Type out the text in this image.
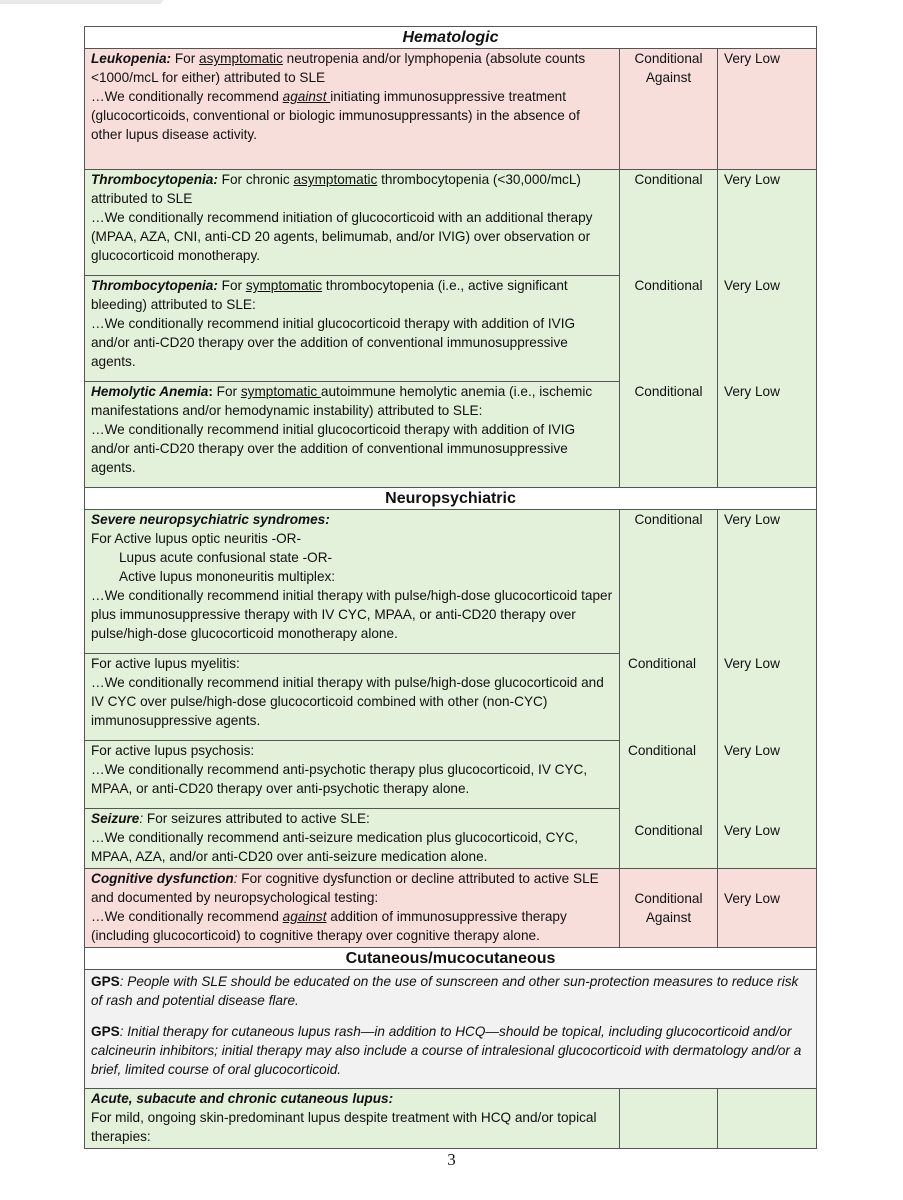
Hematologic		

Leukopenia: For asymptomatic neutropenia and/or lymphopenia (absolute counts <1000/mcL for either) attributed to SLE
…We conditionally recommend against initiating immunosuppressive treatment (glucocorticoids, conventional or biologic immunosuppressants) in the absence of other lupus disease activity.	Conditional
Against	Very Low

Thrombocytopenia: For chronic asymptomatic thrombocytopenia (<30,000/mcL) attributed to SLE
…We conditionally recommend initiation of glucocorticoid with an additional therapy (MPAA, AZA, CNI, anti-CD 20 agents, belimumab, and/or IVIG) over observation or glucocorticoid monotherapy.	Conditional	Very Low

Thrombocytopenia: For symptomatic thrombocytopenia (i.e., active significant bleeding) attributed to SLE:
…We conditionally recommend initial glucocorticoid therapy with addition of IVIG and/or anti-CD20 therapy over the addition of conventional immunosuppressive agents.	Conditional	Very Low

Hemolytic Anemia: For symptomatic autoimmune hemolytic anemia (i.e., ischemic manifestations and/or hemodynamic instability) attributed to SLE:
…We conditionally recommend initial glucocorticoid therapy with addition of IVIG and/or anti-CD20 therapy over the addition of conventional immunosuppressive agents.	Conditional	Very Low
Neuropsychiatric		

Severe neuropsychiatric syndromes:
For Active lupus optic neuritis -OR-
Lupus acute confusional state -OR-
Active lupus mononeuritis multiplex:
…We conditionally recommend initial therapy with pulse/high-dose glucocorticoid taper plus immunosuppressive therapy with IV CYC, MPAA, or anti-CD20 therapy over pulse/high-dose glucocorticoid monotherapy alone.	Conditional	Very Low

For active lupus myelitis:
…We conditionally recommend initial therapy with pulse/high-dose glucocorticoid and IV CYC over pulse/high-dose glucocorticoid combined with other (non-CYC) immunosuppressive agents.	Conditional	Very Low

For active lupus psychosis:
…We conditionally recommend anti-psychotic therapy plus glucocorticoid, IV CYC, MPAA, or anti-CD20 therapy over anti-psychotic therapy alone.	Conditional	Very Low

Seizure: For seizures attributed to active SLE:
…We conditionally recommend anti-seizure medication plus glucocorticoid, CYC, MPAA, AZA, and/or anti-CD20 over anti-seizure medication alone.	Conditional	Very Low

Cognitive dysfunction: For cognitive dysfunction or decline attributed to active SLE and documented by neuropsychological testing:
…We conditionally recommend against addition of immunosuppressive therapy (including glucocorticoid) to cognitive therapy over cognitive therapy alone.	Conditional
Against	Very Low
Cutaneous/mucocutaneous		

GPS: People with SLE should be educated on the use of sunscreen and other sun-protection measures to reduce risk of rash and potential disease flare.
GPS: Initial therapy for cutaneous lupus rash—in addition to HCQ—should be topical, including glucocorticoid and/or calcineurin inhibitors; initial therapy may also include a course of intralesional glucocorticoid with dermatology and/or a brief, limited course of oral glucocorticoid.		

Acute, subacute and chronic cutaneous lupus:
For mild, ongoing skin-predominant lupus despite treatment with HCQ and/or topical therapies:		

3
